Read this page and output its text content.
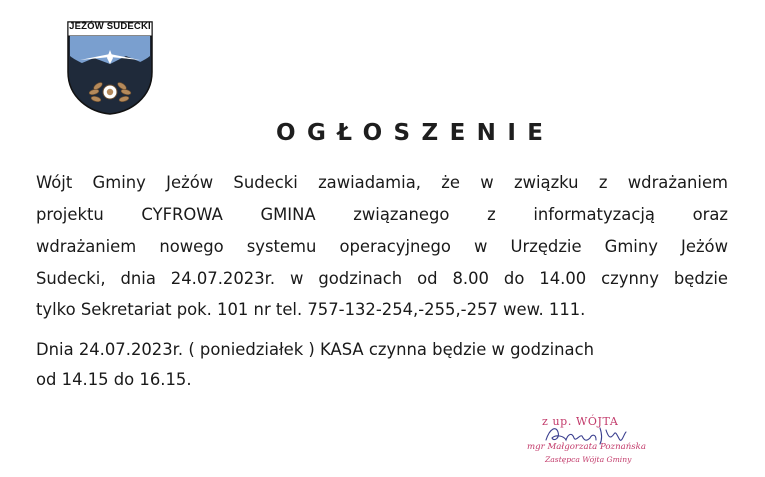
JEŻÓW SUDECKI
OGŁOSZENIE
Wójt Gminy Jeżów Sudecki zawiadamia, że w związku z wdrażaniem
projektu CYFROWA GMINA związanego z informatyzacją oraz
wdrażaniem nowego systemu operacyjnego w Urzędzie Gminy Jeżów
Sudecki, dnia 24.07.2023r. w godzinach od 8.00 do 14.00 czynny będzie
tylko Sekretariat pok. 101 nr tel. 757-132-254,-255,-257 wew. 111.
Dnia 24.07.2023r. ( poniedziałek ) KASA czynna będzie w godzinach
od 14.15 do 16.15.
z up. WÓJTA
mgr Małgorzata Poznańska
Zastępca Wójta Gminy
